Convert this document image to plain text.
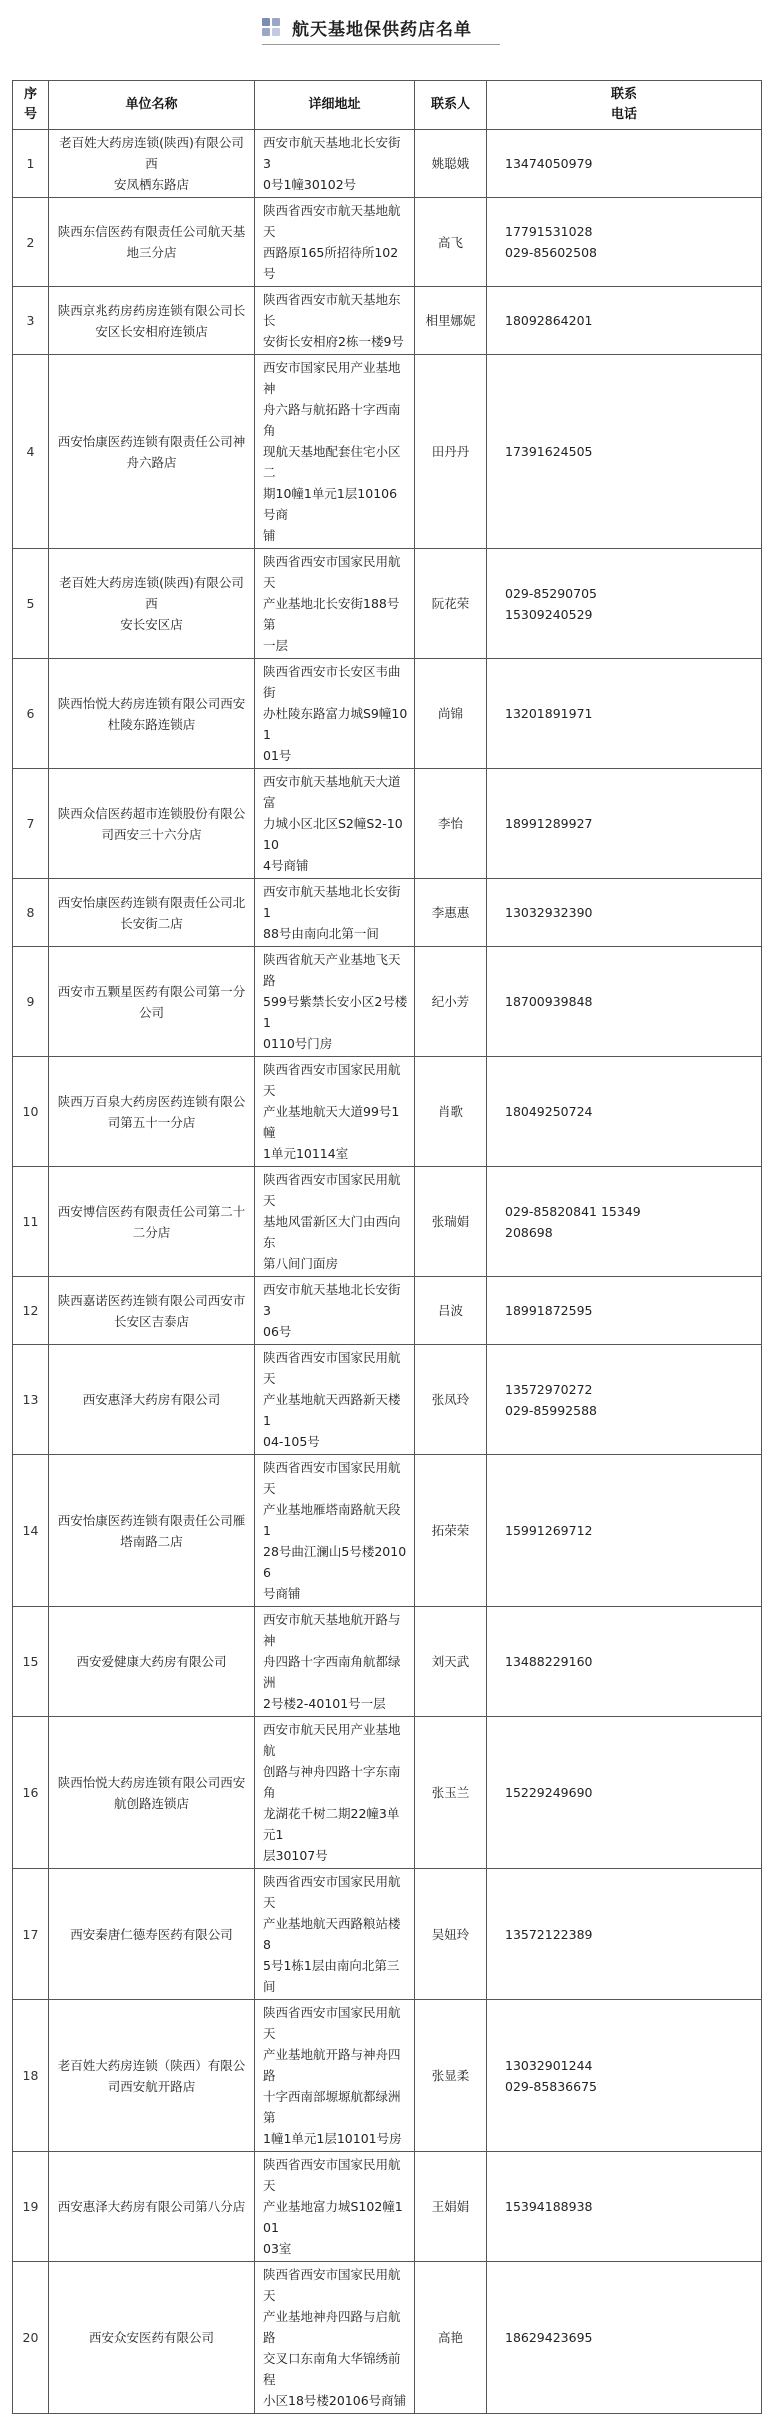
航天基地保供药店名单
序
号	单位名称	详细地址	联系人	联系
电话
1	老百姓大药房连锁(陕西)有限公司西
安凤栖东路店	西安市航天基地北长安街3
0号1幢30102号	姚聪娥	13474050979
2	陕西东信医药有限责任公司航天基
地三分店	陕西省西安市航天基地航天
西路原165所招待所102号	高飞	17791531028
029-85602508
3	陕西京兆药房药房连锁有限公司长
安区长安相府连锁店	陕西省西安市航天基地东长
安街长安相府2栋一楼9号	相里娜妮	18092864201
4	西安怡康医药连锁有限责任公司神
舟六路店	西安市国家民用产业基地神
舟六路与航拓路十字西南角
现航天基地配套住宅小区二
期10幢1单元1层10106号商
铺	田丹丹	17391624505
5	老百姓大药房连锁(陕西)有限公司西
安长安区店	陕西省西安市国家民用航天
产业基地北长安街188号第
一层	阮花荣	029-85290705
15309240529
6	陕西怡悦大药房连锁有限公司西安
杜陵东路连锁店	陕西省西安市长安区韦曲街
办杜陵东路富力城S9幢101
01号	尚锦	13201891971
7	陕西众信医药超市连锁股份有限公
司西安三十六分店	西安市航天基地航天大道富
力城小区北区S2幢S2-1010
4号商铺	李怡	18991289927
8	西安怡康医药连锁有限责任公司北
长安街二店	西安市航天基地北长安街1
88号由南向北第一间	李惠惠	13032932390
9	西安市五颗星医药有限公司第一分
公司	陕西省航天产业基地飞天路
599号紫禁长安小区2号楼1
0110号门房	纪小芳	18700939848
10	陕西万百泉大药房医药连锁有限公
司第五十一分店	陕西省西安市国家民用航天
产业基地航天大道99号1幢
1单元10114室	肖歌	18049250724
11	西安博信医药有限责任公司第二十
二分店	陕西省西安市国家民用航天
基地风雷新区大门由西向东
第八间门面房	张瑞娟	029-85820841 15349
208698
12	陕西嘉诺医药连锁有限公司西安市
长安区吉泰店	西安市航天基地北长安街3
06号	吕波	18991872595
13	西安惠泽大药房有限公司	陕西省西安市国家民用航天
产业基地航天西路新天楼1
04-105号	张凤玲	13572970272
029-85992588
14	西安怡康医药连锁有限责任公司雁
塔南路二店	陕西省西安市国家民用航天
产业基地雁塔南路航天段1
28号曲江澜山5号楼20106
号商铺	拓荣荣	15991269712
15	西安爱健康大药房有限公司	西安市航天基地航开路与神
舟四路十字西南角航都绿洲
2号楼2-40101号一层	刘天武	13488229160
16	陕西怡悦大药房连锁有限公司西安
航创路连锁店	西安市航天民用产业基地航
创路与神舟四路十字东南角
龙湖花千树二期22幢3单元1
层30107号	张玉兰	15229249690
17	西安秦唐仁德寿医药有限公司	陕西省西安市国家民用航天
产业基地航天西路粮站楼8
5号1栋1层由南向北第三间	吴妞玲	13572122389
18	老百姓大药房连锁（陕西）有限公
司西安航开路店	陕西省西安市国家民用航天
产业基地航开路与神舟四路
十字西南部塬塬航都绿洲第
1幢1单元1层10101号房	张显柔	13032901244
029-85836675
19	西安惠泽大药房有限公司第八分店	陕西省西安市国家民用航天
产业基地富力城S102幢101
03室	王娟娟	15394188938
20	西安众安医药有限公司	陕西省西安市国家民用航天
产业基地神舟四路与启航路
交叉口东南角大华锦绣前程
小区18号楼20106号商铺	高艳	18629423695
